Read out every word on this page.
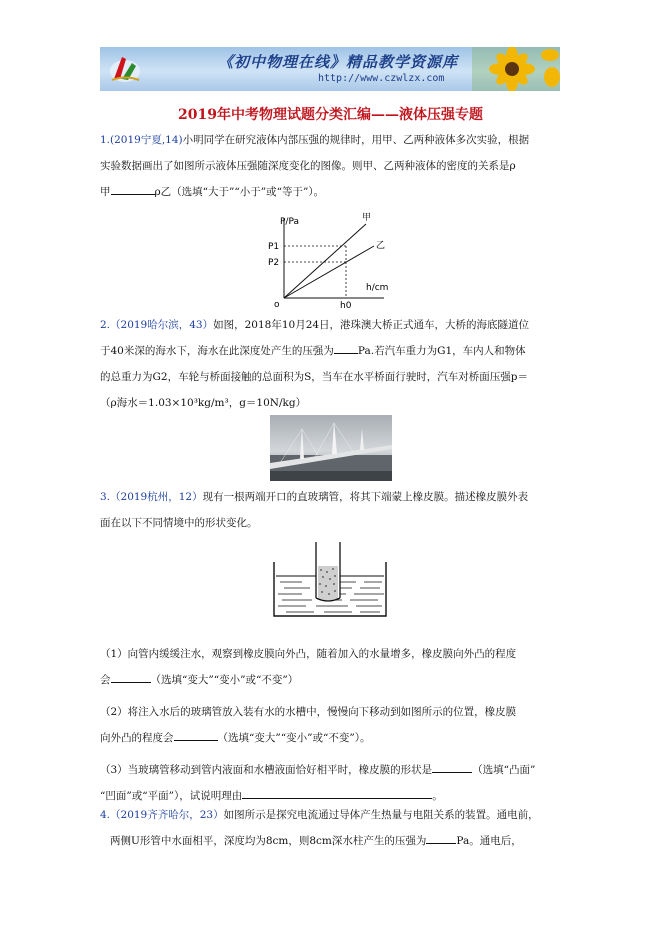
《初中物理在线》精品教学资源库
http://www.czwlzx.com
2019年中考物理试题分类汇编——液体压强专题
1.(2019宁夏,14)小明同学在研究液体内部压强的规律时，用甲、乙两种液体多次实验，根据
实验数据画出了如图所示液体压强随深度变化的图像。则甲、乙两种液体的密度的关系是ρ
甲	ρ乙（选填“大于”“小于”或“等于”）。
P/Pa
h/cm
o
P1
P2
h0
甲
乙
2.（2019哈尔滨，43）如图，2018年10月24日，港珠澳大桥正式通车，大桥的海底隧道位
于40米深的海水下，海水在此深度处产生的压强为 Pa.若汽车重力为G1，车内人和物体
的总重力为G2，车轮与桥面接触的总面积为S，当车在水平桥面行驶时，汽车对桥面压强p＝
（ρ海水＝1.03×10³kg/m³，g＝10N/kg）
3.（2019杭州，12）现有一根两端开口的直玻璃管，将其下端蒙上橡皮膜。描述橡皮膜外表
面在以下不同情境中的形状变化。
（1）向管内缓缓注水，观察到橡皮膜向外凸，随着加入的水量增多，橡皮膜向外凸的程度
会	（选填“变大”“变小”或“不变”）
（2）将注入水后的玻璃管放入装有水的水槽中，慢慢向下移动到如图所示的位置，橡皮膜
向外凸的程度会	（选填“变大”“变小”或“不变”）。
（3）当玻璃管移动到管内液面和水槽液面恰好相平时，橡皮膜的形状是	（选填“凸面”
“凹面”或“平面”），试说明理由	。
4.（2019齐齐哈尔，23）如图所示是探究电流通过导体产生热量与电阻关系的装置。通电前，
两侧U形管中水面相平，深度均为8cm，则8cm深水柱产生的压强为	Pa。通电后，
